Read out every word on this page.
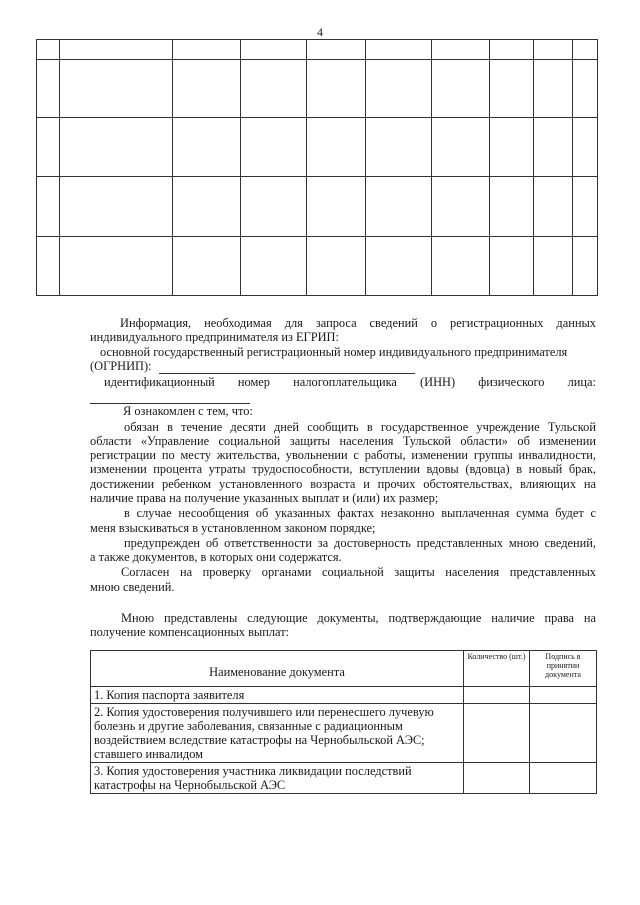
4

Информация, необходимая для запроса сведений о регистрационных данных
индивидуального предпринимателя из ЕГРИП:
основной государственный регистрационный номер индивидуального предпринимателя
(ОГРНИП):
идентификационный номер налогоплательщика (ИНН) физического лица:

Я ознакомлен с тем, что:
обязан в течение десяти дней сообщить в государственное учреждение Тульской
области «Управление социальной защиты населения Тульской области» об изменении
регистрации по месту жительства, увольнении с работы, изменении группы инвалидности,
изменении процента утраты трудоспособности, вступлении вдовы (вдовца) в новый брак,
достижении ребенком установленного возраста и прочих обстоятельствах, влияющих на
наличие права на получение указанных выплат и (или) их размер;
в случае несообщения об указанных фактах незаконно выплаченная сумма будет с
меня взыскиваться в установленном законом порядке;
предупрежден об ответственности за достоверность представленных мною сведений,
а также документов, в которых они содержатся.
Согласен на проверку органами социальной защиты населения представленных
мною сведений.
Мною представлены следующие документы, подтверждающие наличие права на
получение компенсационных выплат:
Наименование документа	Количество (шт.)	Подпись в принятии документа
1. Копия паспорта заявителя		
2. Копия удостоверения получившего или перенесшего лучевую болезнь и другие заболевания, связанные с радиационным воздействием вследствие катастрофы на Чернобыльской АЭС; ставшего инвалидом		
3. Копия удостоверения участника ликвидации последствий катастрофы на Чернобыльской АЭС		
